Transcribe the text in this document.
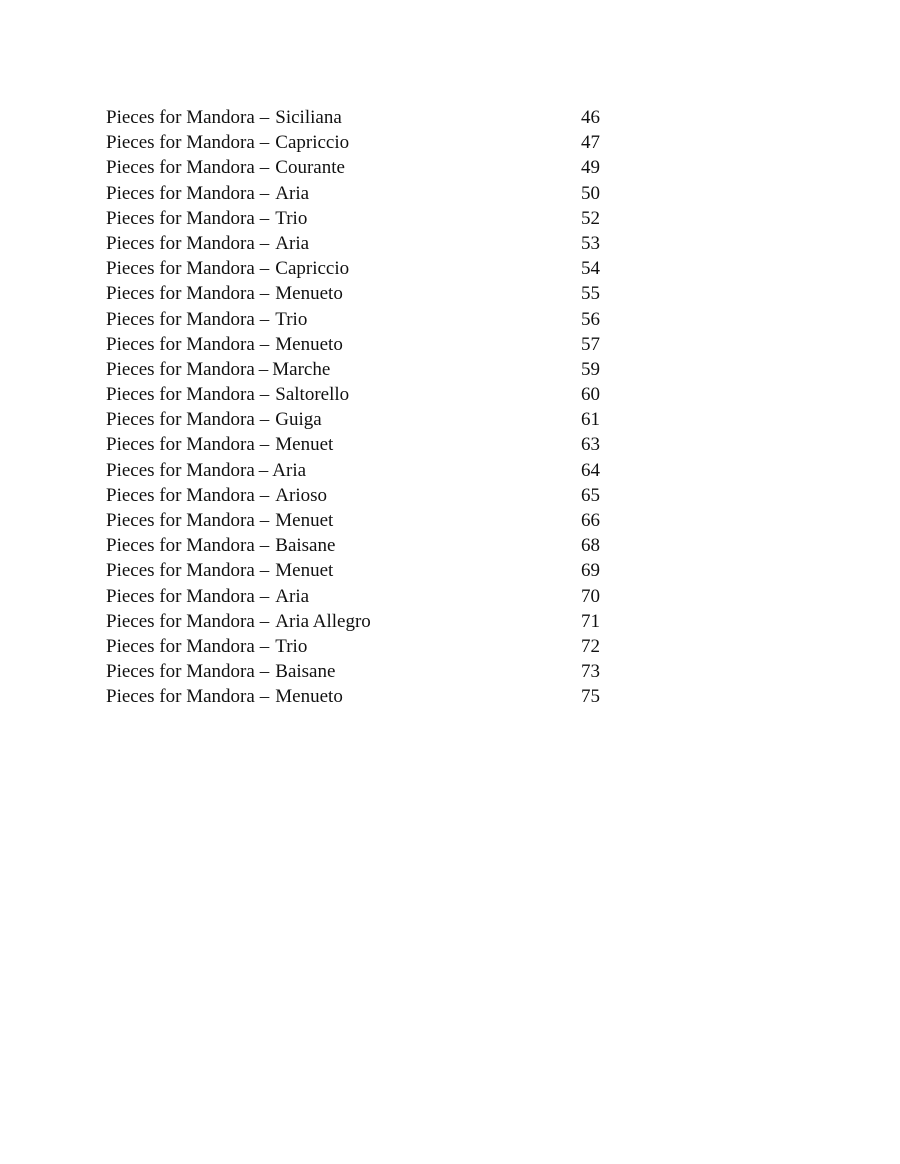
Pieces for Mandora – Siciliana	46
Pieces for Mandora – Capriccio	47
Pieces for Mandora – Courante	49
Pieces for Mandora – Aria	50
Pieces for Mandora – Trio	52
Pieces for Mandora – Aria	53
Pieces for Mandora – Capriccio	54
Pieces for Mandora – Menueto	55
Pieces for Mandora – Trio	56
Pieces for Mandora – Menueto	57
Pieces for Mandora – Marche	59
Pieces for Mandora – Saltorello	60
Pieces for Mandora – Guiga	61
Pieces for Mandora – Menuet	63
Pieces for Mandora – Aria	64
Pieces for Mandora – Arioso	65
Pieces for Mandora – Menuet	66
Pieces for Mandora – Baisane	68
Pieces for Mandora – Menuet	69
Pieces for Mandora – Aria	70
Pieces for Mandora – Aria Allegro	71
Pieces for Mandora – Trio	72
Pieces for Mandora – Baisane	73
Pieces for Mandora – Menueto	75
